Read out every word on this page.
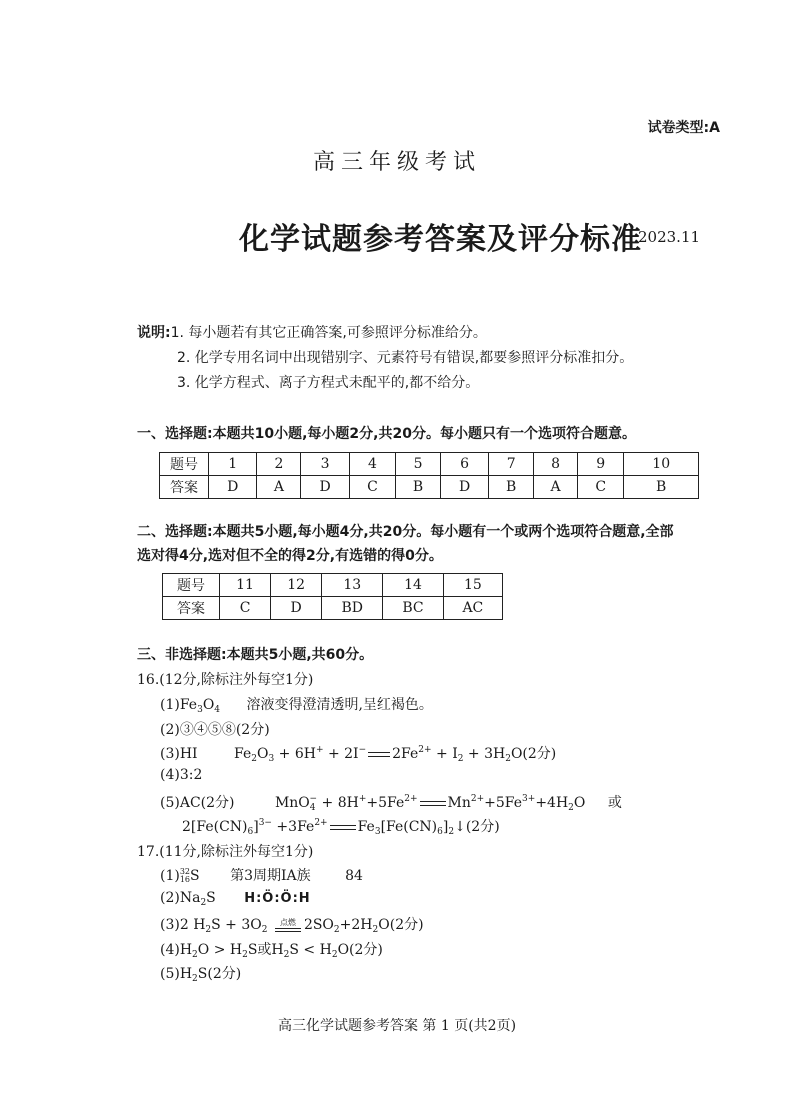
试卷类型:A
高三年级考试
化学试题参考答案及评分标准
2023.11
说明:1. 每小题若有其它正确答案,可参照评分标准给分。
2. 化学专用名词中出现错别字、元素符号有错误,都要参照评分标准扣分。
3. 化学方程式、离子方程式未配平的,都不给分。
一、选择题:本题共10小题,每小题2分,共20分。每小题只有一个选项符合题意。
题号	1	2	3	4	5	6	7	8	9	10
答案	D	A	D	C	B	D	B	A	C	B
二、选择题:本题共5小题,每小题4分,共20分。每小题有一个或两个选项符合题意,全部
选对得4分,选对但不全的得2分,有选错的得0分。
题号	11	12	13	14	15
答案	C	D	BD	BC	AC
三、非选择题:本题共5小题,共60分。
16.(12分,除标注外每空1分)
$(1)Fe_3O_4$ 溶液变得澄清透明,呈红褐色。
(2)③④⑤⑧(2分)
(3)HI	$Fe_2O_3 + 6H^+ + 2I^-$ $2Fe^{2+} + I_2 + 3H_2O(2$分)
(4)3:2
(5)AC(2分)	$MnO_4^- + 8H^++5Fe^{2+}$ $Mn^{2+}+5Fe^{3+}+4H_2O$ 或
$2[Fe(CN)_6]^{3-} +3Fe^{2+}$ $Fe_3[Fe(CN)_6]_2↓(2$分)
17.(11分,除标注外每空1分)
(1) 32
16 S 第3周期IA族 84
$(2)Na_2S$ H:Ö:Ö:H
(3)2 $H_2S + 3O_2$
点燃 $2SO_2+2H_2O(2$分)
$(4)H_2O > H_2S$或$H_2S < H_2O(2$分)
$(5)H_2S(2$分)
高三化学试题参考答案 第 1 页(共2页)
